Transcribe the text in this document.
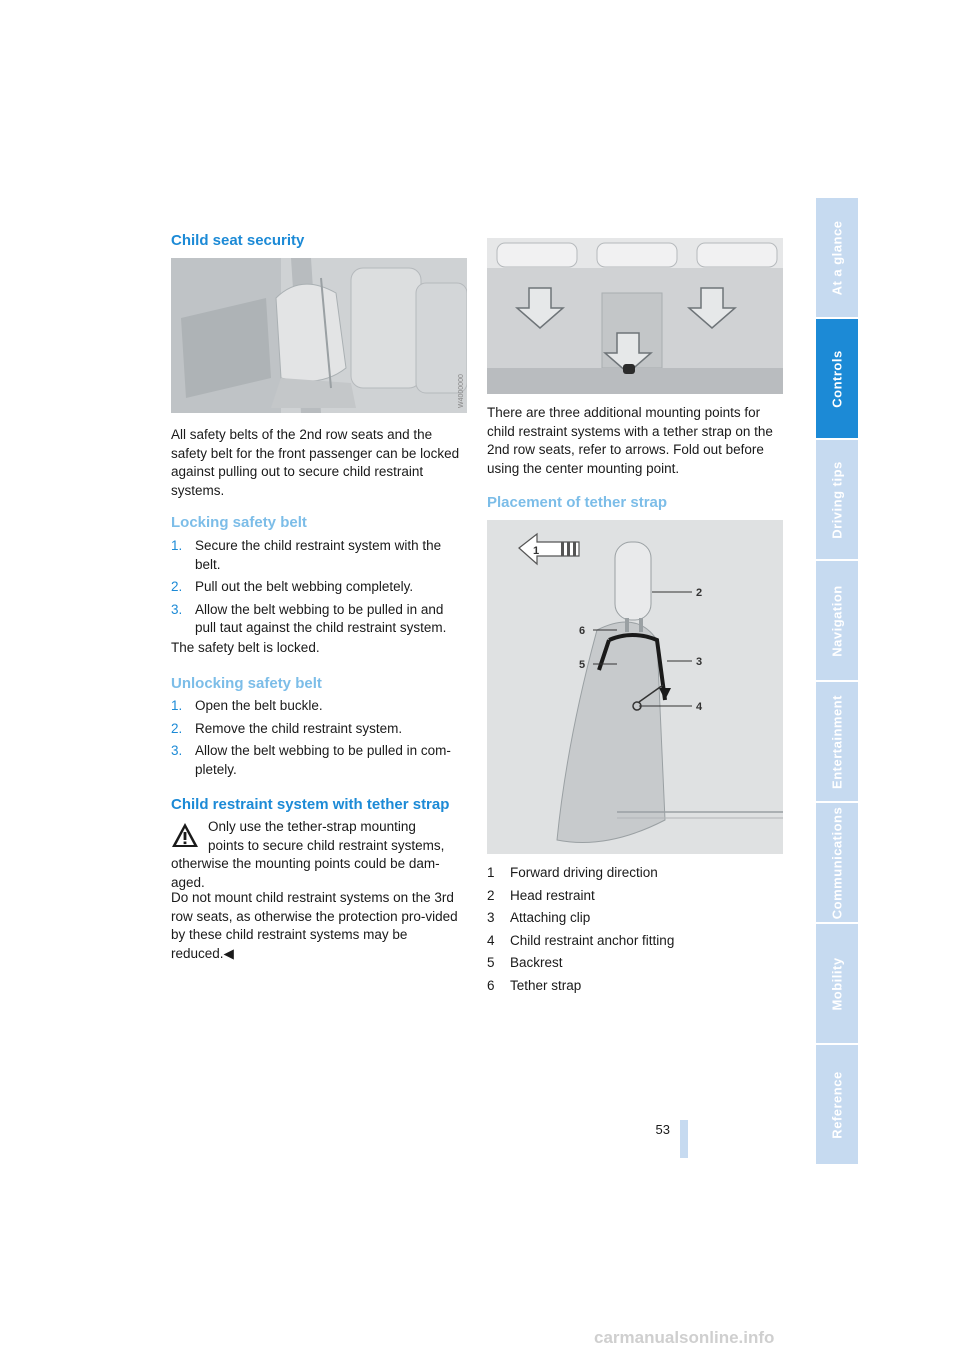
Child seat security
W4000000

All safety belts of the 2nd row seats and the safety belt for the front passenger can be locked against pulling out to secure child restraint systems.

Locking safety belt
1. Secure the child restraint system with the belt.
2. Pull out the belt webbing completely.
3. Allow the belt webbing to be pulled in and pull taut against the child restraint system.

The safety belt is locked.

Unlocking safety belt
1. Open the belt buckle.
2. Remove the child restraint system.
3. Allow the belt webbing to be pulled in com-pletely.
Child restraint system with tether strap

Only use the tether-strap mounting

points to secure child restraint systems,

otherwise the mounting points could be dam-aged.

Do not mount child restraint systems on the 3rd row seats, as otherwise the protection pro-vided by these child restraint systems may be reduced.◀

There are three additional mounting points for child restraint systems with a tether strap on the 2nd row seats, refer to arrows. Fold out before using the center mounting point.

Placement of tether strap
1
2
3
4
5
6
1 Forward driving direction
2 Head restraint
3 Attaching clip
4 Child restraint anchor fitting
5 Backrest
6 Tether strap
At a glance
Controls
Driving tips
Navigation
Entertainment
Communications
Mobility
Reference
53
carmanualsonline.info
